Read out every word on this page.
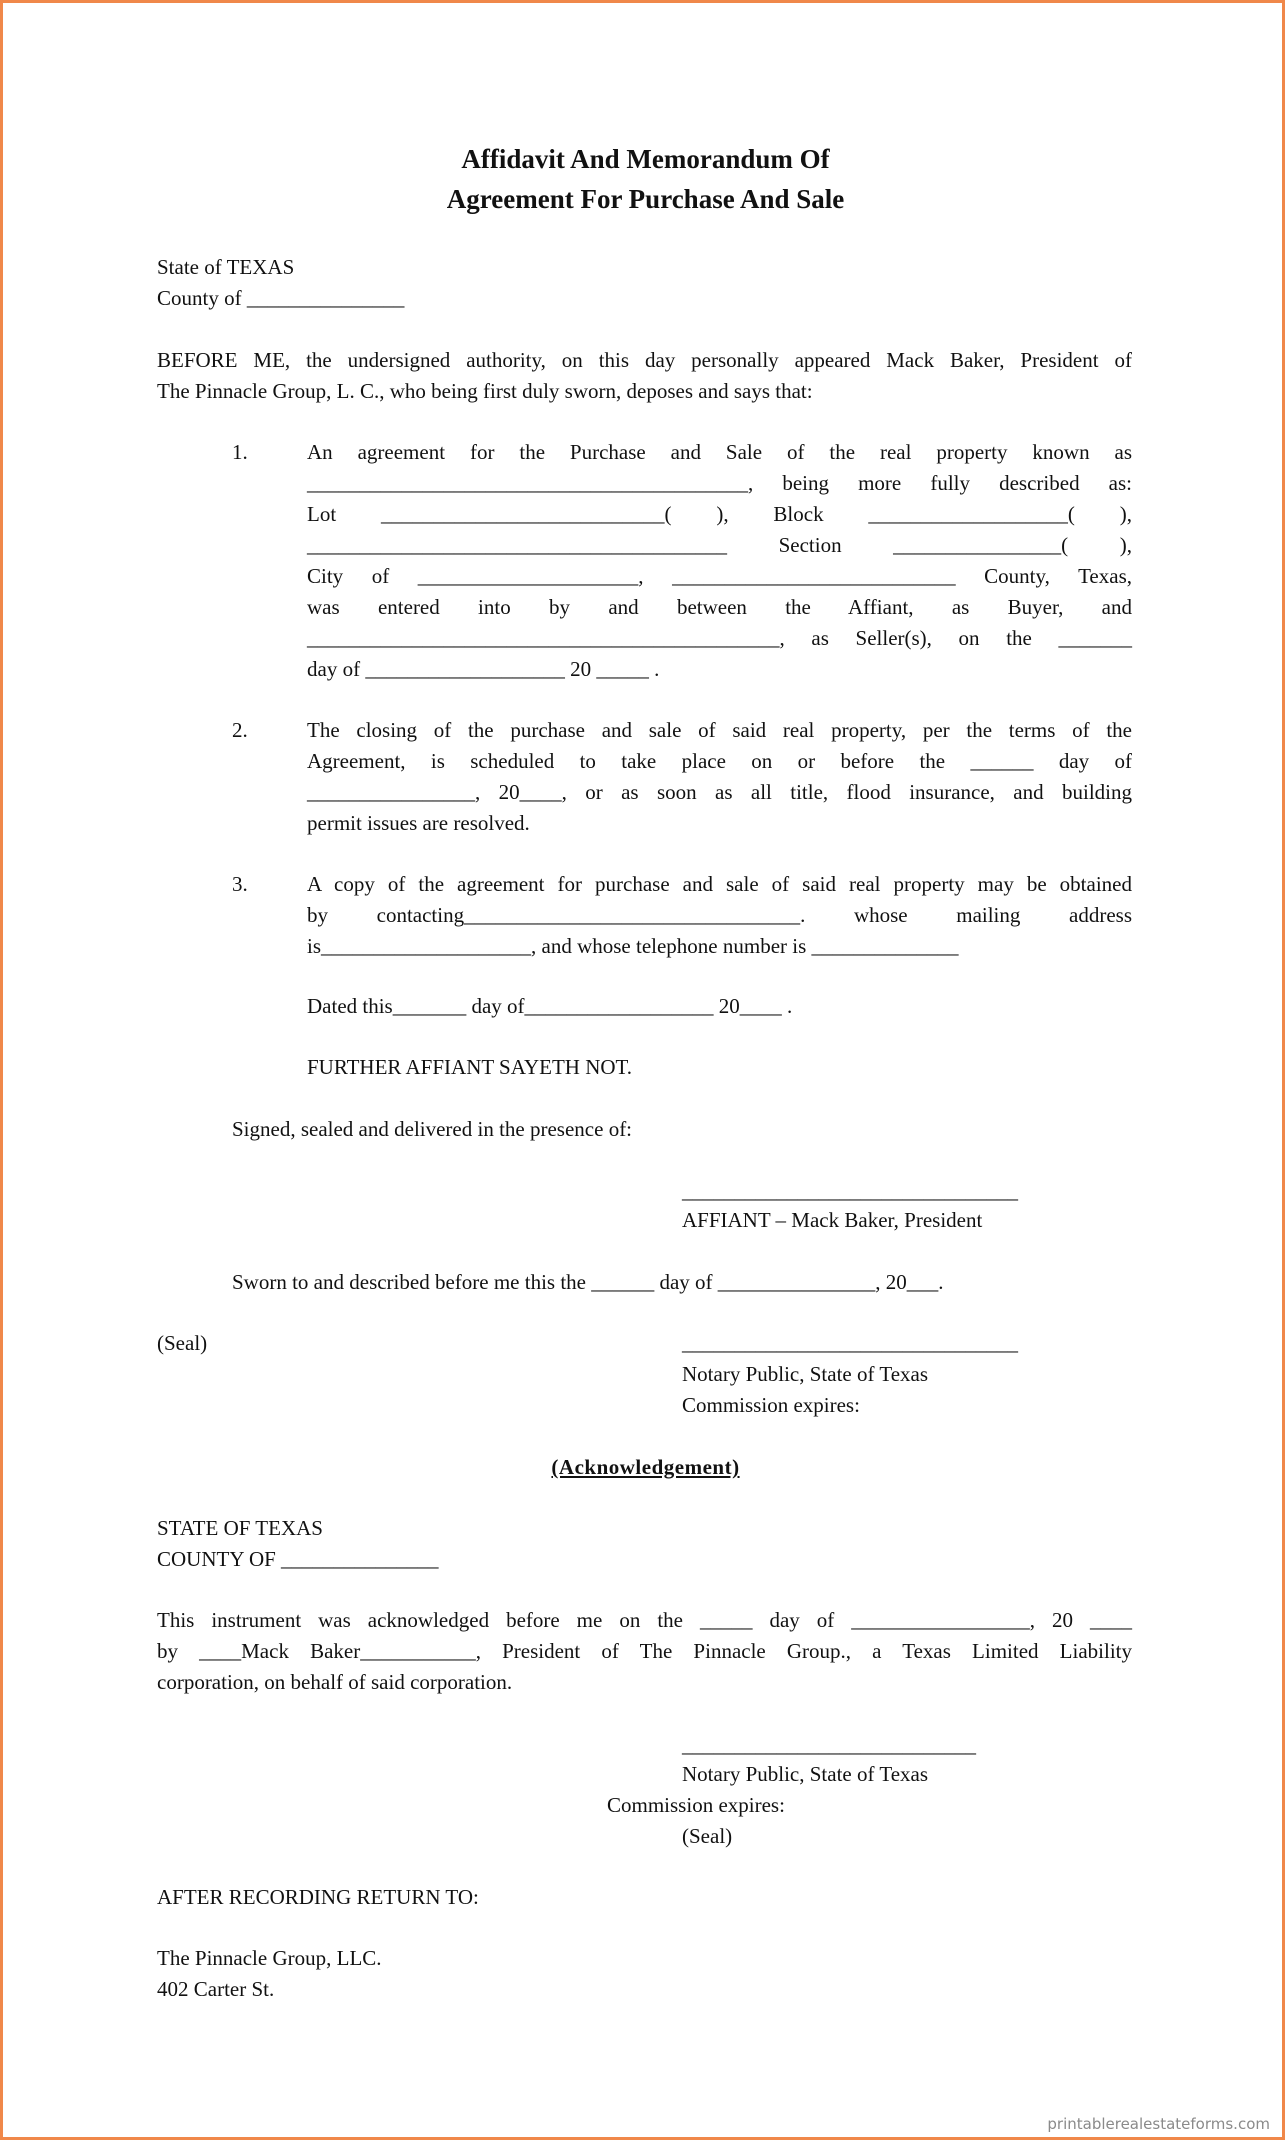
Affidavit And Memorandum Of
Agreement For Purchase And Sale
State of TEXAS
County of _______________
BEFORE ME, the undersigned authority, on this day personally appeared Mack Baker, President of
The Pinnacle Group, L. C., who being first duly sworn, deposes and says that:
1.	An agreement for the Purchase and Sale of the real property known as
__________________________________________, being more fully described as:
Lot ___________________________( ), Block ___________________( ),
________________________________________ Section ________________( ),
City of _____________________, ___________________________ County, Texas,
was entered into by and between the Affiant, as Buyer, and
_____________________________________________, as Seller(s), on the _______
day of ___________________ 20 _____ .
2.	The closing of the purchase and sale of said real property, per the terms of the
Agreement, is scheduled to take place on or before the ______ day of
________________, 20____, or as soon as all title, flood insurance, and building
permit issues are resolved.
3.	A copy of the agreement for purchase and sale of said real property may be obtained
by contacting________________________________. whose mailing address
is____________________, and whose telephone number is ______________
Dated this_______ day of__________________ 20____ .
FURTHER AFFIANT SAYETH NOT.
Signed, sealed and delivered in the presence of:
________________________________
AFFIANT – Mack Baker, President
Sworn to and described before me this the ______ day of _______________, 20___.
(Seal)	________________________________
Notary Public, State of Texas
Commission expires:
(Acknowledgement)
STATE OF TEXAS
COUNTY OF _______________
This instrument was acknowledged before me on the _____ day of _________________, 20 ____
by ____Mack Baker___________, President of The Pinnacle Group., a Texas Limited Liability
corporation, on behalf of said corporation.
____________________________
Notary Public, State of Texas
Commission expires:
(Seal)
AFTER RECORDING RETURN TO:
The Pinnacle Group, LLC.
402 Carter St.
printablerealestateforms.com
